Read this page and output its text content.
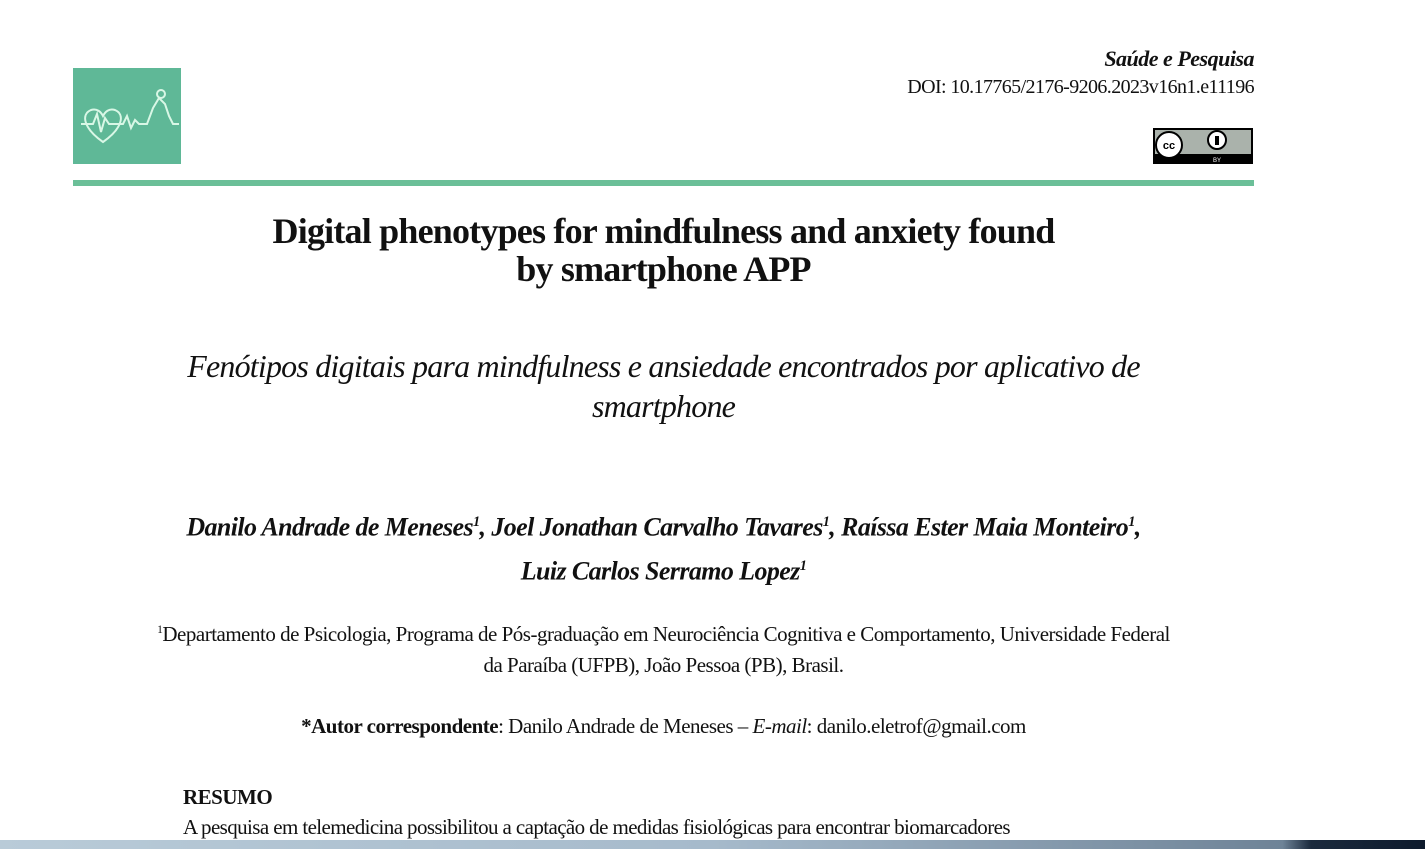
Saúde e Pesquisa
DOI: 10.17765/2176-9206.2023v16n1.e11196
cc
BY
Digital phenotypes for mindfulness and anxiety found
by smartphone APP
Fenótipos digitais para mindfulness e ansiedade encontrados por aplicativo de
smartphone
Danilo Andrade de Meneses$^1$, Joel Jonathan Carvalho Tavares$^1$, Raíssa Ester Maia Monteiro$^1$,
Luiz Carlos Serramo Lopez$^1$
$^1$Departamento de Psicologia, Programa de Pós-graduação em Neurociência Cognitiva e Comportamento, Universidade Federal
da Paraíba (UFPB), João Pessoa (PB), Brasil.
*Autor correspondente: Danilo Andrade de Meneses – E-mail: danilo.eletrof@gmail.com
RESUMO
A pesquisa em telemedicina possibilitou a captação de medidas fisiológicas para encontrar biomarcadores
